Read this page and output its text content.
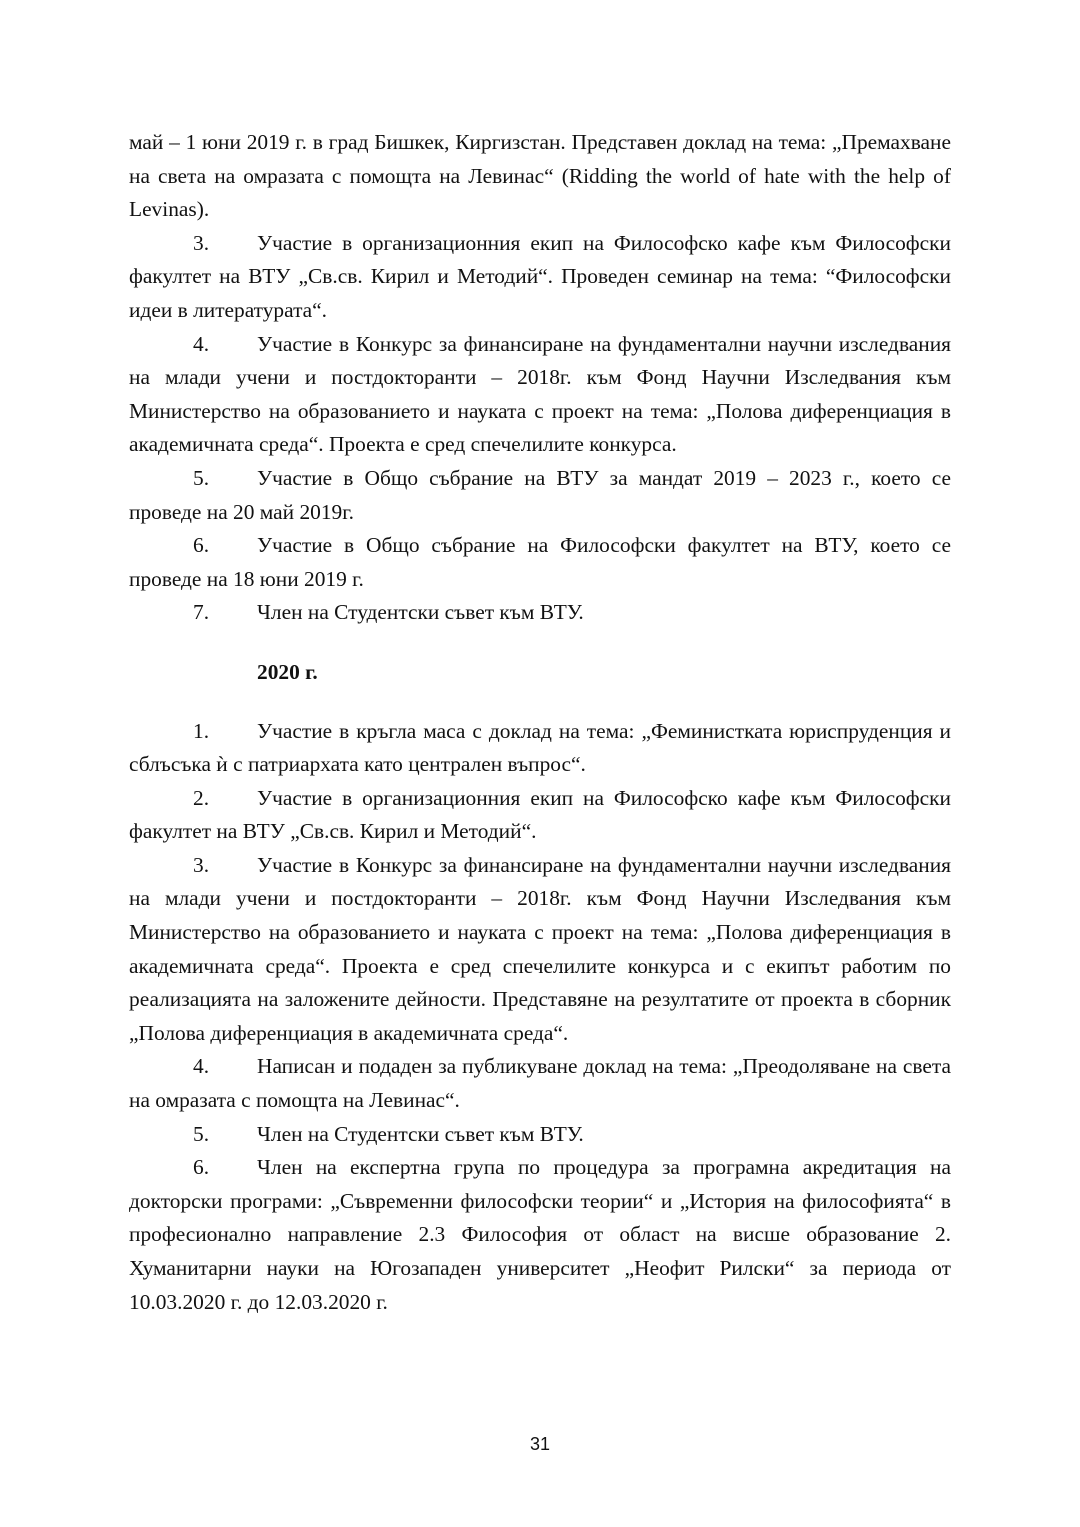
май – 1 юни 2019 г. в град Бишкек, Киргизстан. Представен доклад на тема: „Премахване на света на омразата с помощта на Левинас“ (Ridding the world of hate with the help of Levinas).

3. Участие в организационния екип на Философско кафе към Философски факултет на ВТУ „Св.св. Кирил и Методий“. Проведен семинар на тема: “Философски идеи в литературата“.

4. Участие в Конкурс за финансиране на фундаментални научни изследвания на млади учени и постдокторанти – 2018г. към Фонд Научни Изследвания към Министерство на образованието и науката с проект на тема: „Полова диференциация в академичната среда“. Проекта е сред спечелилите конкурса.

5. Участие в Общо събрание на ВТУ за мандат 2019 – 2023 г., което се проведе на 20 май 2019г.

6. Участие в Общо събрание на Философски факултет на ВТУ, което се проведе на 18 юни 2019 г.

7. Член на Студентски съвет към ВТУ.

2020 г.

1. Участие в кръгла маса с доклад на тема: „Феминистката юриспруденция и сблъсъка ѝ с патриархата като централен въпрос“.

2. Участие в организационния екип на Философско кафе към Философски факултет на ВТУ „Св.св. Кирил и Методий“.

3. Участие в Конкурс за финансиране на фундаментални научни изследвания на млади учени и постдокторанти – 2018г. към Фонд Научни Изследвания към Министерство на образованието и науката с проект на тема: „Полова диференциация в академичната среда“. Проекта е сред спечелилите конкурса и с екипът работим по реализацията на заложените дейности. Представяне на резултатите от проекта в сборник „Полова диференциация в академичната среда“.

4. Написан и подаден за публикуване доклад на тема: „Преодоляване на света на омразата с помощта на Левинас“.

5. Член на Студентски съвет към ВТУ.

6. Член на експертна група по процедура за програмна акредитация на докторски програми: „Съвременни философски теории“ и „История на философията“ в професионално направление 2.3 Философия от област на висше образование 2. Хуманитарни науки на Югозападен университет „Неофит Рилски“ за периода от 10.03.2020 г. до 12.03.2020 г.

31
